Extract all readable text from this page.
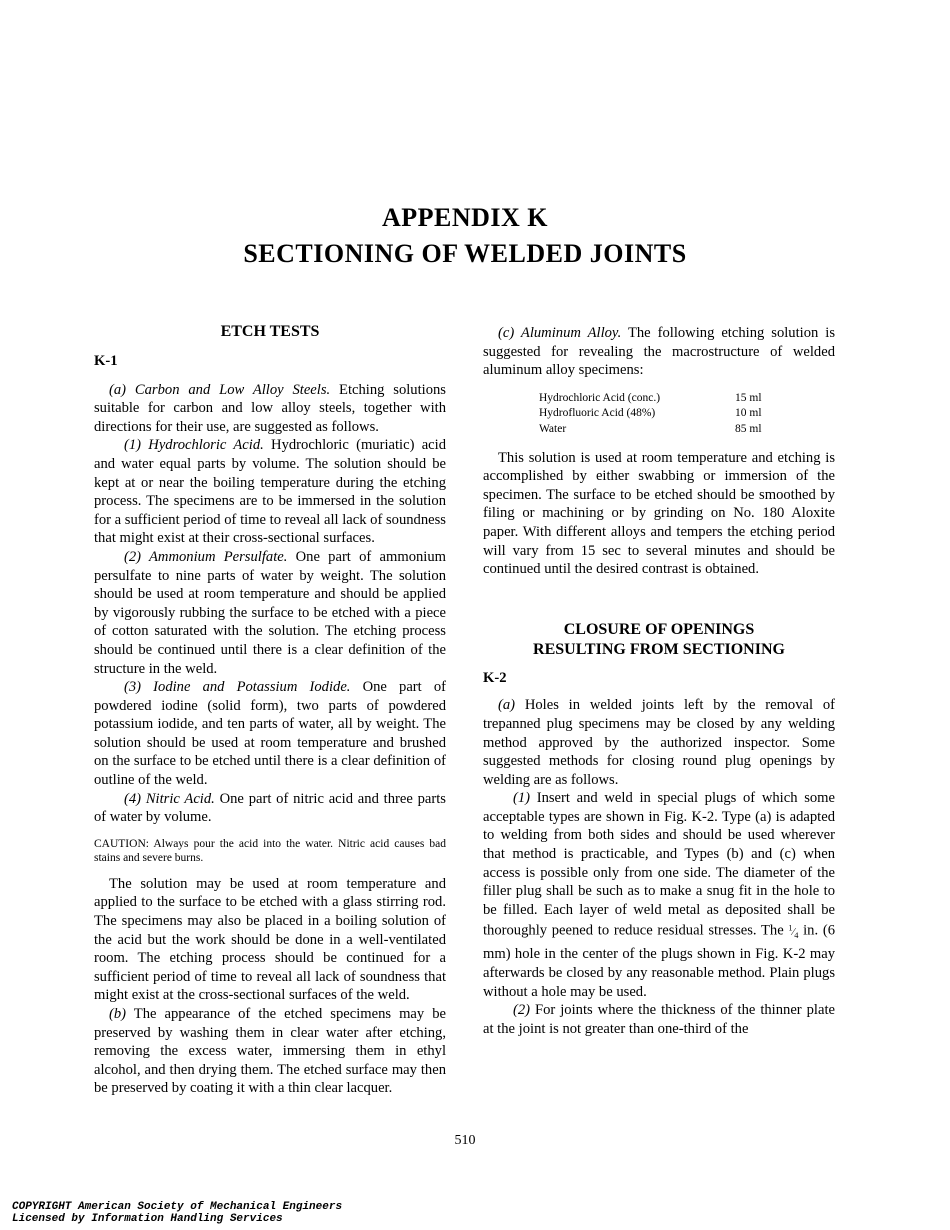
APPENDIX K
SECTIONING OF WELDED JOINTS
ETCH TESTS

K-1

(a) Carbon and Low Alloy Steels. Etching solutions suitable for carbon and low alloy steels, together with directions for their use, are suggested as follows.

(1) Hydrochloric Acid. Hydrochloric (muriatic) acid and water equal parts by volume. The solution should be kept at or near the boiling temperature during the etching process. The specimens are to be immersed in the solution for a sufficient period of time to reveal all lack of soundness that might exist at their cross-sectional surfaces.

(2) Ammonium Persulfate. One part of ammonium persulfate to nine parts of water by weight. The solution should be used at room temperature and should be applied by vigorously rubbing the surface to be etched with a piece of cotton saturated with the solution. The etching process should be continued until there is a clear definition of the structure in the weld.

(3) Iodine and Potassium Iodide. One part of powdered iodine (solid form), two parts of powdered potassium iodide, and ten parts of water, all by weight. The solution should be used at room temperature and brushed on the surface to be etched until there is a clear definition of outline of the weld.

(4) Nitric Acid. One part of nitric acid and three parts of water by volume.

CAUTION: Always pour the acid into the water. Nitric acid causes bad stains and severe burns.

The solution may be used at room temperature and applied to the surface to be etched with a glass stirring rod. The specimens may also be placed in a boiling solution of the acid but the work should be done in a well-ventilated room. The etching process should be continued for a sufficient period of time to reveal all lack of soundness that might exist at the cross-sectional surfaces of the weld.

(b) The appearance of the etched specimens may be preserved by washing them in clear water after etching, removing the excess water, immersing them in ethyl alcohol, and then drying them. The etched surface may then be preserved by coating it with a thin clear lacquer.

(c) Aluminum Alloy. The following etching solution is suggested for revealing the macrostructure of welded aluminum alloy specimens:

Hydrochloric Acid (conc.)	15 ml
Hydrofluoric Acid (48%)	10 ml
Water	85 ml

This solution is used at room temperature and etching is accomplished by either swabbing or immersion of the specimen. The surface to be etched should be smoothed by filing or machining or by grinding on No. 180 Aloxite paper. With different alloys and tempers the etching period will vary from 15 sec to several minutes and should be continued until the desired contrast is obtained.

CLOSURE OF OPENINGS
RESULTING FROM SECTIONING

K-2

(a) Holes in welded joints left by the removal of trepanned plug specimens may be closed by any welding method approved by the authorized inspector. Some suggested methods for closing round plug openings by welding are as follows.

(1) Insert and weld in special plugs of which some acceptable types are shown in Fig. K-2. Type (a) is adapted to welding from both sides and should be used wherever that method is practicable, and Types (b) and (c) when access is possible only from one side. The diameter of the filler plug shall be such as to make a snug fit in the hole to be filled. Each layer of weld metal as deposited shall be thoroughly peened to reduce residual stresses. The $^1⁄_4$ in. (6 mm) hole in the center of the plugs shown in Fig. K-2 may afterwards be closed by any reasonable method. Plain plugs without a hole may be used.

(2) For joints where the thickness of the thinner plate at the joint is not greater than one-third of the

510

COPYRIGHT American Society of Mechanical Engineers

Licensed by Information Handling Services
